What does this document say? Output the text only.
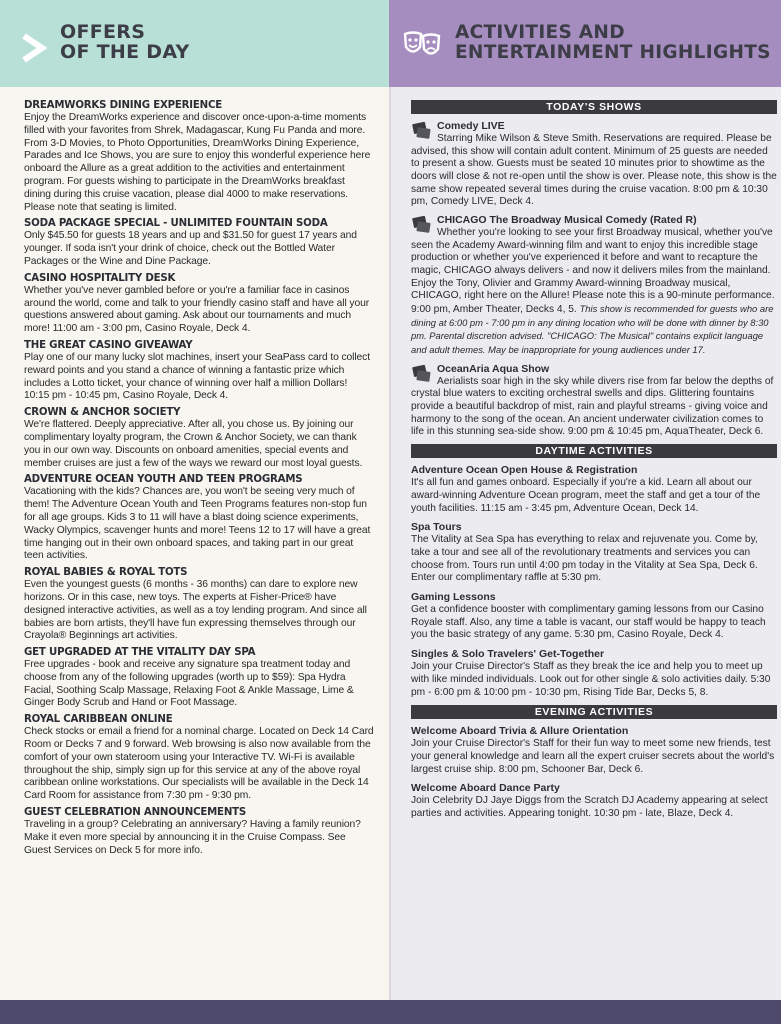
OFFERS
OF THE DAY
ACTIVITIES AND
ENTERTAINMENT HIGHLIGHTS
DREAMWORKS DINING EXPERIENCE

Enjoy the DreamWorks experience and discover once-upon-a-time moments filled with your favorites from Shrek, Madagascar, Kung Fu Panda and more. From 3-D Movies, to Photo Opportunities, DreamWorks Dining Experience, Parades and Ice Shows, you are sure to enjoy this wonderful experience here onboard the Allure as a great addition to the activities and entertainment program. For guests wishing to participate in the DreamWorks breakfast dining during this cruise vacation, please dial 4000 to make reservations. Please note that seating is limited.

SODA PACKAGE SPECIAL - UNLIMITED FOUNTAIN SODA

Only $45.50 for guests 18 years and up and $31.50 for guest 17 years and younger. If soda isn't your drink of choice, check out the Bottled Water Packages or the Wine and Dine Package.

CASINO HOSPITALITY DESK

Whether you've never gambled before or you're a familiar face in casinos around the world, come and talk to your friendly casino staff and have all your questions answered about gaming. Ask about our tournaments and much more! 11:00 am - 3:00 pm, Casino Royale, Deck 4.

THE GREAT CASINO GIVEAWAY

Play one of our many lucky slot machines, insert your SeaPass card to collect reward points and you stand a chance of winning a fantastic prize which includes a Lotto ticket, your chance of winning over half a million Dollars! 10:15 pm - 10:45 pm, Casino Royale, Deck 4.

CROWN & ANCHOR SOCIETY

We're flattered. Deeply appreciative. After all, you chose us. By joining our complimentary loyalty program, the Crown & Anchor Society, we can thank you in our own way. Discounts on onboard amenities, special events and member cruises are just a few of the ways we reward our most loyal guests.

ADVENTURE OCEAN YOUTH AND TEEN PROGRAMS

Vacationing with the kids? Chances are, you won't be seeing very much of them! The Adventure Ocean Youth and Teen Programs features non-stop fun for all age groups. Kids 3 to 11 will have a blast doing science experiments, Wacky Olympics, scavenger hunts and more! Teens 12 to 17 will have a great time hanging out in their own onboard spaces, and taking part in our great teen activities.

ROYAL BABIES & ROYAL TOTS

Even the youngest guests (6 months - 36 months) can dare to explore new horizons. Or in this case, new toys. The experts at Fisher-Price® have designed interactive activities, as well as a toy lending program. And since all babies are born artists, they'll have fun expressing themselves through our Crayola® Beginnings art activities.

GET UPGRADED AT THE VITALITY DAY SPA

Free upgrades - book and receive any signature spa treatment today and choose from any of the following upgrades (worth up to $59): Spa Hydra Facial, Soothing Scalp Massage, Relaxing Foot & Ankle Massage, Lime & Ginger Body Scrub and Hand or Foot Massage.

ROYAL CARIBBEAN ONLINE

Check stocks or email a friend for a nominal charge. Located on Deck 14 Card Room or Decks 7 and 9 forward. Web browsing is also now available from the comfort of your own stateroom using your Interactive TV. Wi-Fi is available throughout the ship, simply sign up for this service at any of the above royal caribbean online workstations. Our specialists will be available in the Deck 14 Card Room for assistance from 7:30 pm - 9:30 pm.

GUEST CELEBRATION ANNOUNCEMENTS

Traveling in a group? Celebrating an anniversary? Having a family reunion? Make it even more special by announcing it in the Cruise Compass. See Guest Services on Deck 5 for more info.

TODAY'S SHOWS

Comedy LIVE

Starring Mike Wilson & Steve Smith. Reservations are required. Please be advised, this show will contain adult content. Minimum of 25 guests are needed to present a show. Guests must be seated 10 minutes prior to showtime as the doors will close & not re-open until the show is over. Please note, this show is the same show repeated several times during the cruise vacation. 8:00 pm & 10:30 pm, Comedy LIVE, Deck 4.

CHICAGO The Broadway Musical Comedy (Rated R)

Whether you're looking to see your first Broadway musical, whether you've seen the Academy Award-winning film and want to enjoy this incredible stage production or whether you've experienced it before and want to recapture the magic, CHICAGO always delivers - and now it delivers miles from the mainland. Enjoy the Tony, Olivier and Grammy Award-winning Broadway musical, CHICAGO, right here on the Allure! Please note this is a 90-minute performance. 9:00 pm, Amber Theater, Decks 4, 5. This show is recommended for guests who are dining at 6:00 pm - 7:00 pm in any dining location who will be done with dinner by 8:30 pm. Parental discretion advised. "CHICAGO: The Musical" contains explicit language and adult themes. May be inappropriate for young audiences under 17.

OceanAria Aqua Show

Aerialists soar high in the sky while divers rise from far below the depths of crystal blue waters to exciting orchestral swells and dips. Glittering fountains provide a beautiful backdrop of mist, rain and playful streams - giving voice and harmony to the song of the ocean. An ancient underwater civilization comes to life in this stunning sea-side show. 9:00 pm & 10:45 pm, AquaTheater, Deck 6.

DAYTIME ACTIVITIES

Adventure Ocean Open House & Registration

It's all fun and games onboard. Especially if you're a kid. Learn all about our award-winning Adventure Ocean program, meet the staff and get a tour of the youth facilities. 11:15 am - 3:45 pm, Adventure Ocean, Deck 14.

Spa Tours

The Vitality at Sea Spa has everything to relax and rejuvenate you. Come by, take a tour and see all of the revolutionary treatments and services you can choose from. Tours run until 4:00 pm today in the Vitality at Sea Spa, Deck 6. Enter our complimentary raffle at 5:30 pm.

Gaming Lessons

Get a confidence booster with complimentary gaming lessons from our Casino Royale staff. Also, any time a table is vacant, our staff would be happy to teach you the basic strategy of any game. 5:30 pm, Casino Royale, Deck 4.

Singles & Solo Travelers' Get-Together

Join your Cruise Director's Staff as they break the ice and help you to meet up with like minded individuals. Look out for other single & solo activities daily. 5:30 pm - 6:00 pm & 10:00 pm - 10:30 pm, Rising Tide Bar, Decks 5, 8.

EVENING ACTIVITIES

Welcome Aboard Trivia & Allure Orientation

Join your Cruise Director's Staff for their fun way to meet some new friends, test your general knowledge and learn all the expert cruiser secrets about the world's largest cruise ship. 8:00 pm, Schooner Bar, Deck 6.

Welcome Aboard Dance Party

Join Celebrity DJ Jaye Diggs from the Scratch DJ Academy appearing at select parties and activities. Appearing tonight. 10:30 pm - late, Blaze, Deck 4.
